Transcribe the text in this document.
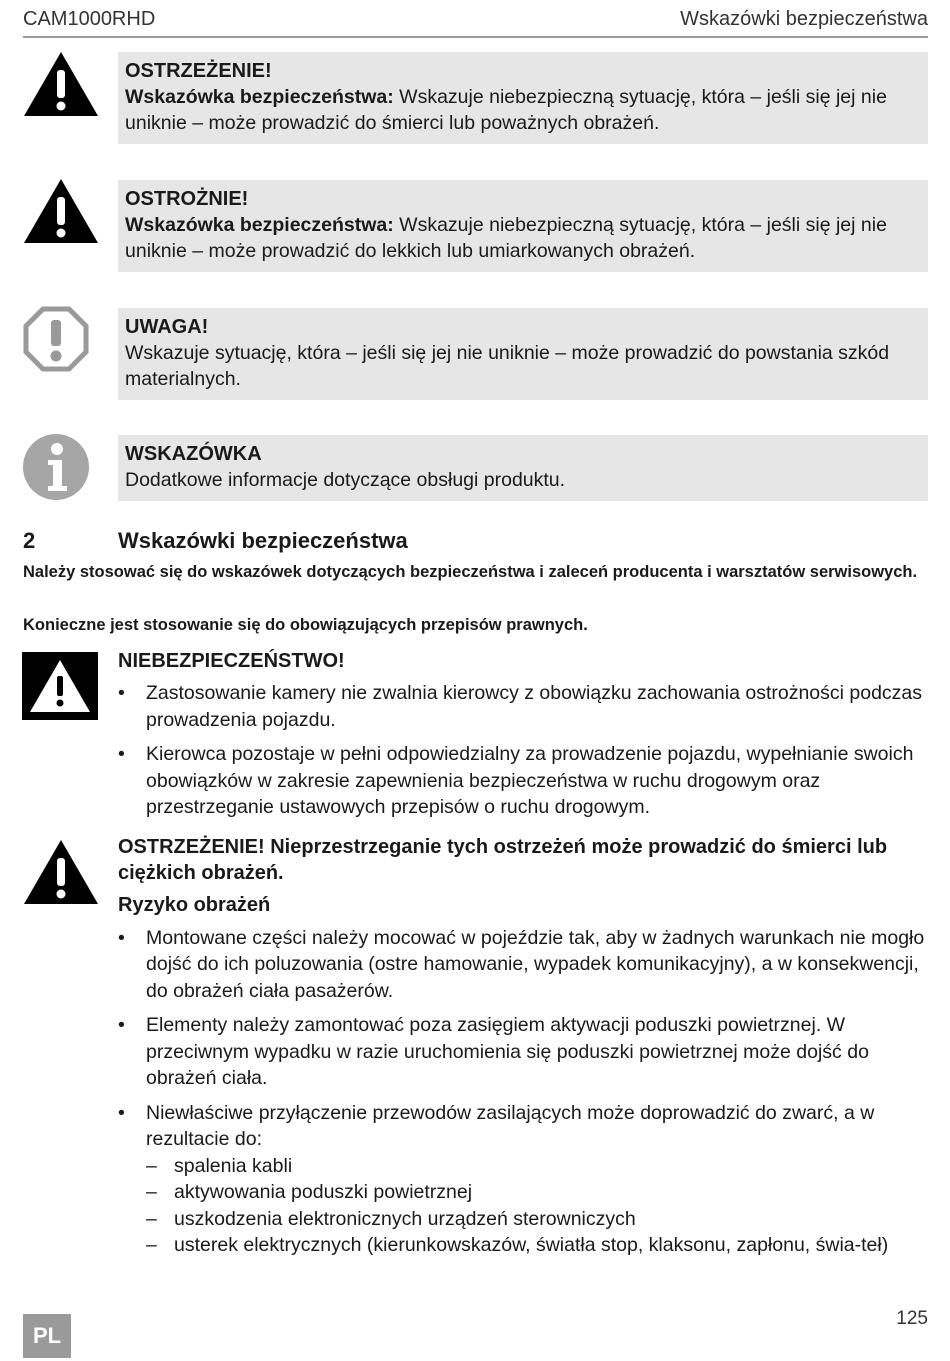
CAM1000RHD	Wskazówki bezpieczeństwa
OSTRZEŻENIE!
Wskazówka bezpieczeństwa: Wskazuje niebezpieczną sytuację, która – jeśli się jej nie uniknie – może prowadzić do śmierci lub poważnych obrażeń.
OSTROŻNIE!
Wskazówka bezpieczeństwa: Wskazuje niebezpieczną sytuację, która – jeśli się jej nie uniknie – może prowadzić do lekkich lub umiarkowanych obrażeń.
UWAGA!
Wskazuje sytuację, która – jeśli się jej nie uniknie – może prowadzić do powstania szkód materialnych.
WSKAZÓWKA
Dodatkowe informacje dotyczące obsługi produktu.
2	Wskazówki bezpieczeństwa
Należy stosować się do wskazówek dotyczących bezpieczeństwa i zaleceń producenta i warsztatów serwisowych.
Konieczne jest stosowanie się do obowiązujących przepisów prawnych.
NIEBEZPIECZEŃSTWO!
• Zastosowanie kamery nie zwalnia kierowcy z obowiązku zachowania ostrożności podczas prowadzenia pojazdu.
• Kierowca pozostaje w pełni odpowiedzialny za prowadzenie pojazdu, wypełnianie swoich obowiązków w zakresie zapewnienia bezpieczeństwa w ruchu drogowym oraz przestrzeganie ustawowych przepisów o ruchu drogowym.
OSTRZEŻENIE! Nieprzestrzeganie tych ostrzeżeń może prowadzić do śmierci lub ciężkich obrażeń.
Ryzyko obrażeń
• Montowane części należy mocować w pojeździe tak, aby w żadnych warunkach nie mogło dojść do ich poluzowania (ostre hamowanie, wypadek komunikacyjny), a w konsekwencji, do obrażeń ciała pasażerów.
• Elementy należy zamontować poza zasięgiem aktywacji poduszki powietrznej. W przeciwnym wypadku w razie uruchomienia się poduszki powietrznej może dojść do obrażeń ciała.
• Niewłaściwe przyłączenie przewodów zasilających może doprowadzić do zwarć, a w rezultacie do:
– spalenia kabli
– aktywowania poduszki powietrznej
– uszkodzenia elektronicznych urządzeń sterowniczych
– usterek elektrycznych (kierunkowskazów, światła stop, klaksonu, zapłonu, świa-teł)
125
PL
